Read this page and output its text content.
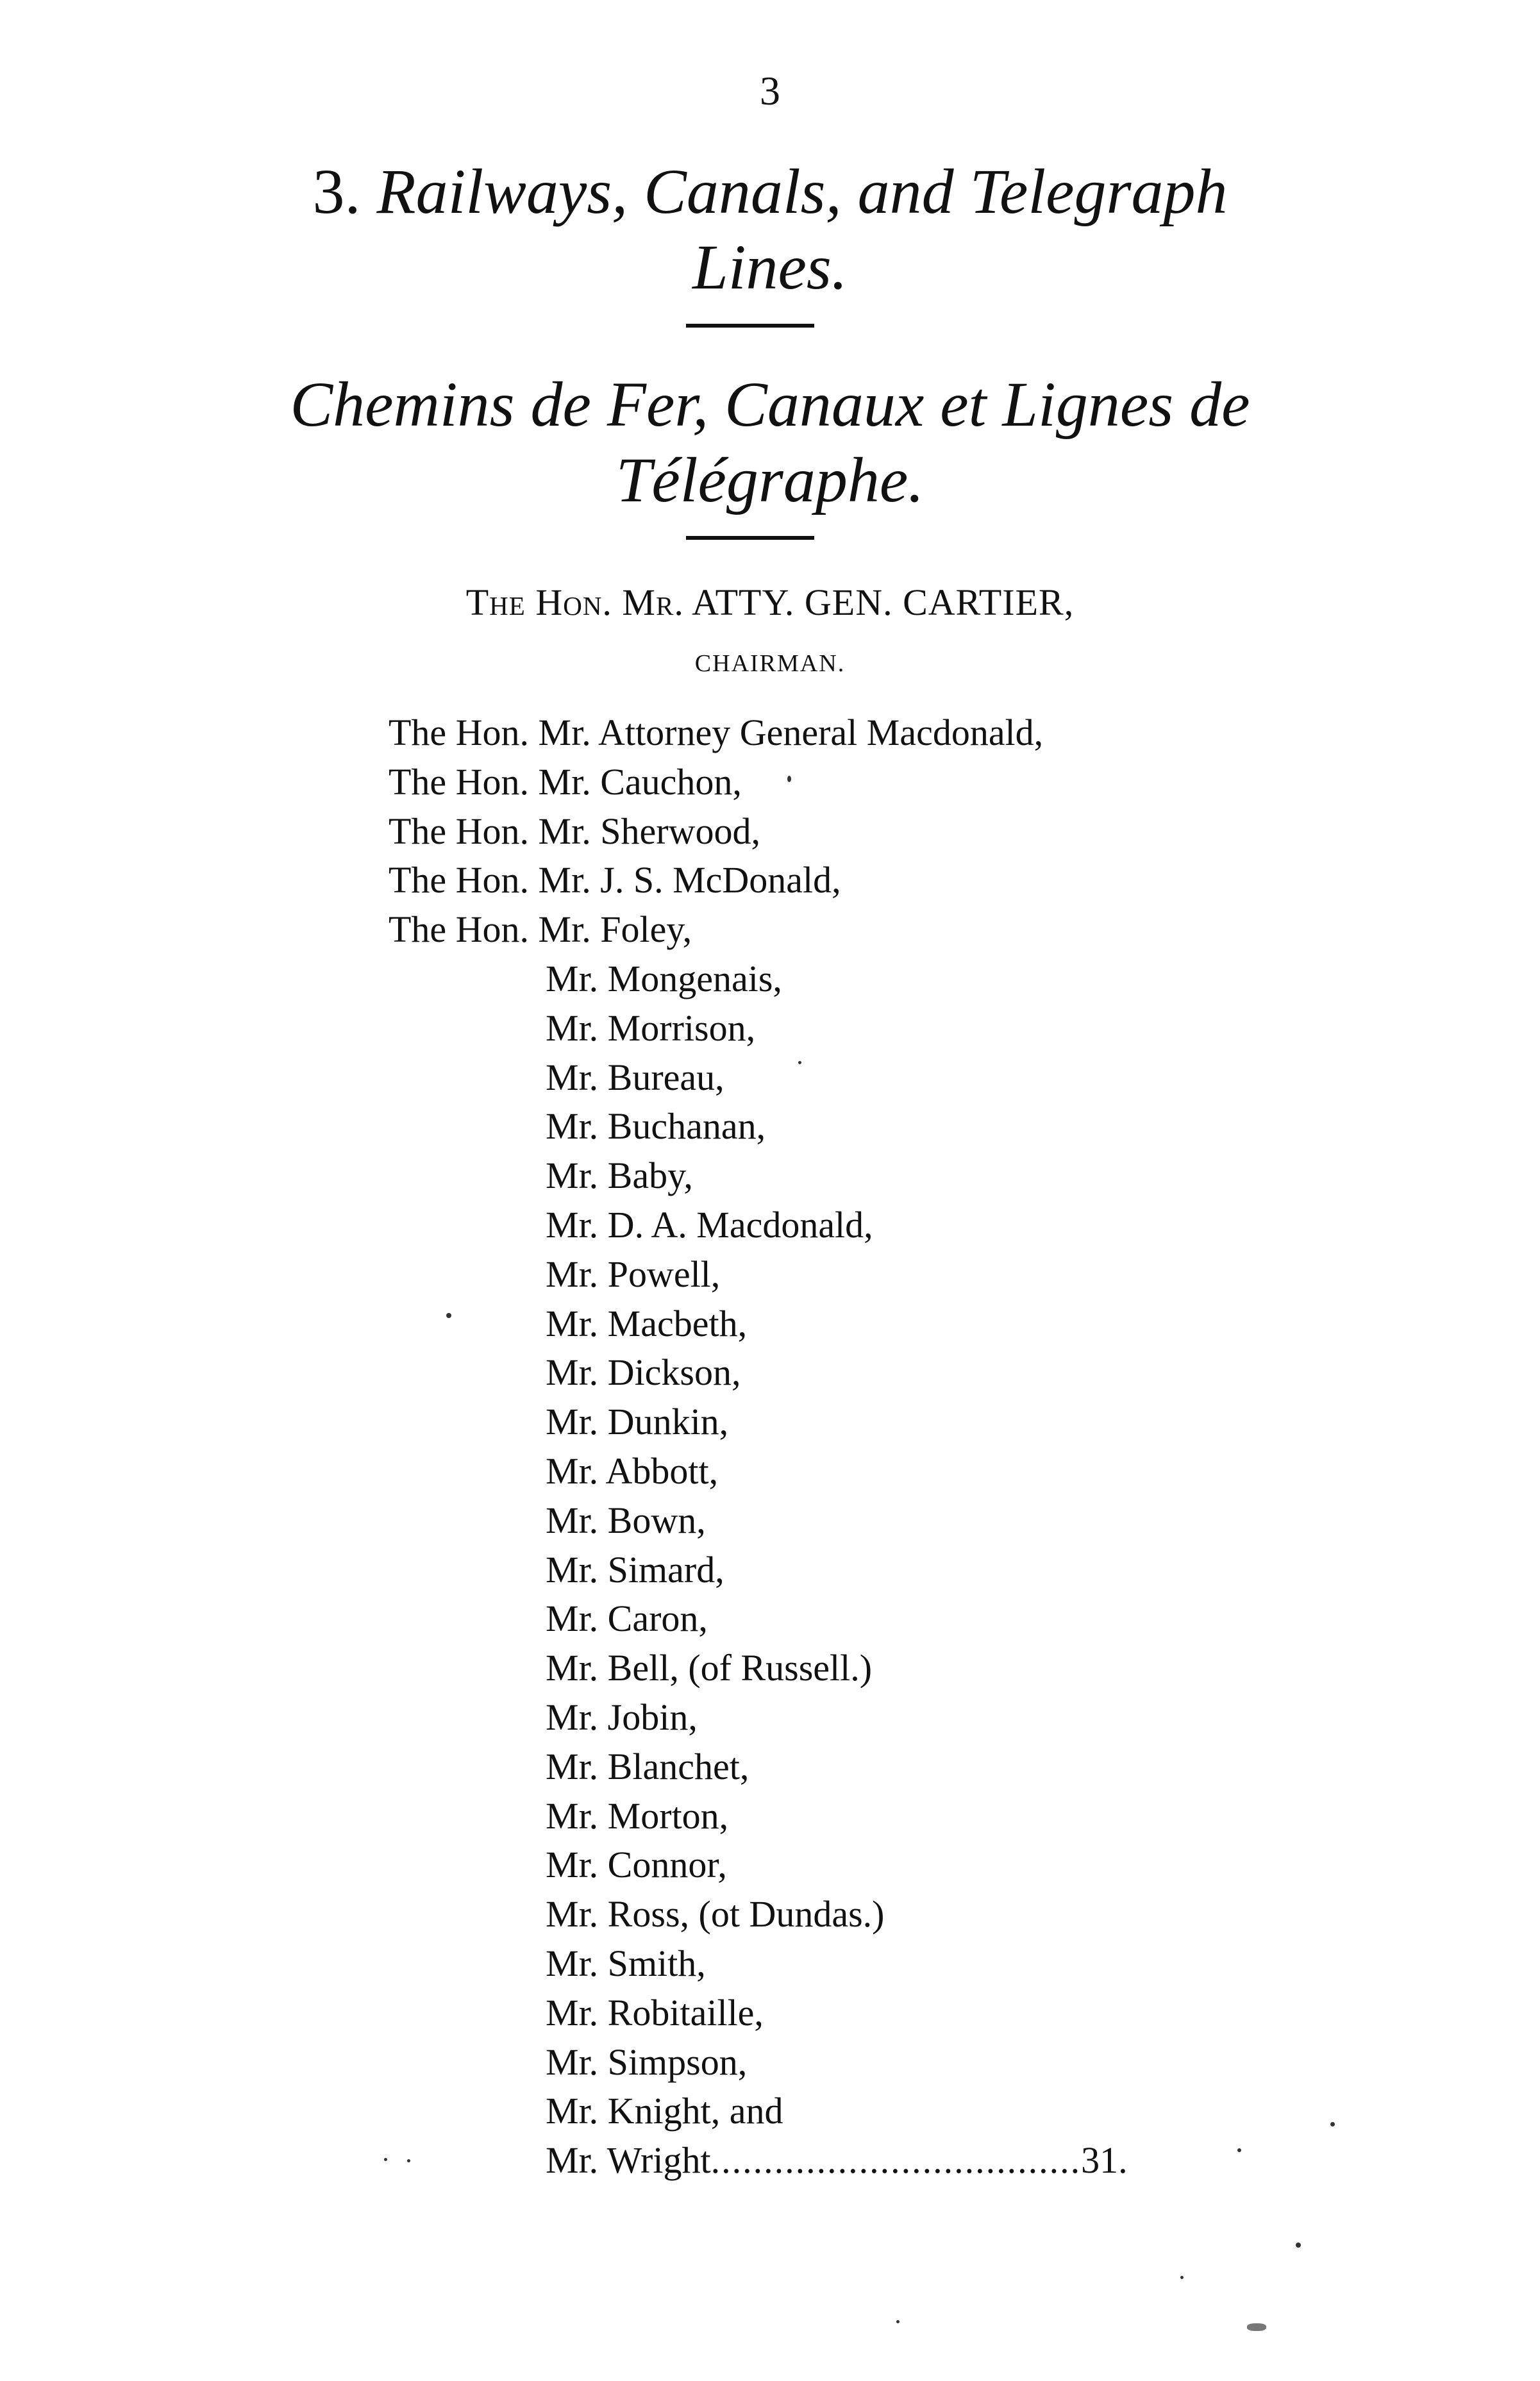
3
3. Railways, Canals, and Telegraph
Lines.
Chemins de Fer, Canaux et Lignes de
Télégraphe.
The Hon. Mr. ATTY. GEN. CARTIER,
CHAIRMAN.
The Hon. Mr. Attorney General Macdonald,
The Hon. Mr. Cauchon,
The Hon. Mr. Sherwood,
The Hon. Mr. J. S. McDonald,
The Hon. Mr. Foley,
Mr. Mongenais,
Mr. Morrison,
Mr. Bureau,
Mr. Buchanan,
Mr. Baby,
Mr. D. A. Macdonald,
Mr. Powell,
Mr. Macbeth,
Mr. Dickson,
Mr. Dunkin,
Mr. Abbott,
Mr. Bown,
Mr. Simard,
Mr. Caron,
Mr. Bell, (of Russell.)
Mr. Jobin,
Mr. Blanchet,
Mr. Morton,
Mr. Connor,
Mr. Ross, (ot Dundas.)
Mr. Smith,
Mr. Robitaille,
Mr. Simpson,
Mr. Knight, and
Mr. Wright...................................31.
